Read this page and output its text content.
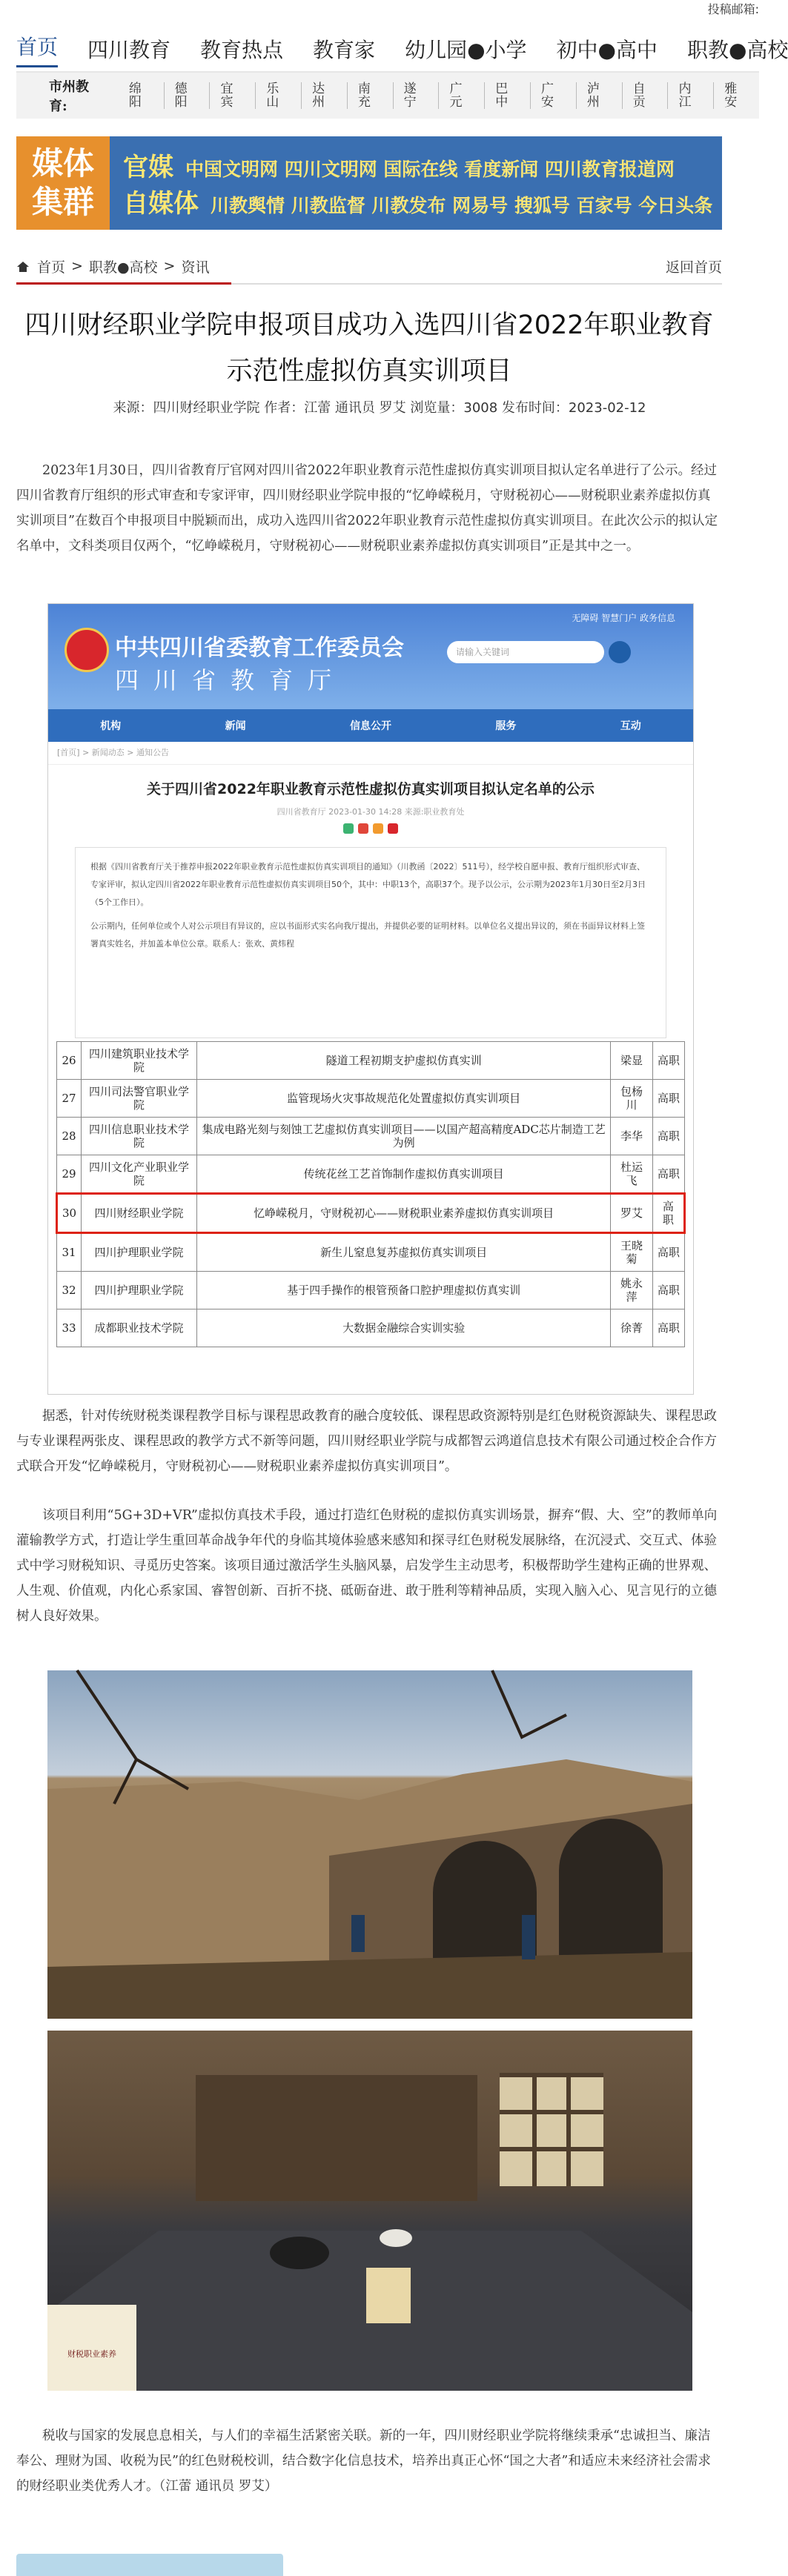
投稿邮箱:
首页 四川教育 教育热点 教育家 幼儿园●小学 初中●高中 职教●高校
市州教育:
绵阳
德阳
宜宾
乐山
达州
南充
遂宁
广元
巴中
广安
泸州
自贡
内江
雅安
媒体
集群
官媒 中国文明网 四川文明网 国际在线 看度新闻 四川教育报道网
自媒体 川教舆情 川教监督 川教发布 网易号 搜狐号 百家号 今日头条
首页 > 职教●高校 > 资讯	返回首页
四川财经职业学院申报项目成功入选四川省2022年职业教育示范性虚拟仿真实训项目
来源：四川财经职业学院 作者：江蕾 通讯员 罗艾 浏览量：3008 发布时间：2023-02-12

2023年1月30日，四川省教育厅官网对四川省2022年职业教育示范性虚拟仿真实训项目拟认定名单进行了公示。经过四川省教育厅组织的形式审查和专家评审，四川财经职业学院申报的“忆峥嵘税月，守财税初心——财税职业素养虚拟仿真实训项目”在数百个申报项目中脱颖而出，成功入选四川省2022年职业教育示范性虚拟仿真实训项目。在此次公示的拟认定名单中，文科类项目仅两个，“忆峥嵘税月，守财税初心——财税职业素养虚拟仿真实训项目”正是其中之一。

中共四川省委教育工作委员会
四川省教育厅
无障碍 智慧门户 政务信息
请输入关键词
机构	新闻	信息公开	服务	互动
[首页] > 新闻动态 > 通知公告
关于四川省2022年职业教育示范性虚拟仿真实训项目拟认定名单的公示
四川省教育厅 2023-01-30 14:28 来源:职业教育处

根据《四川省教育厅关于推荐申报2022年职业教育示范性虚拟仿真实训项目的通知》（川教函〔2022〕511号），经学校自愿申报、教育厅组织形式审查、专家评审，拟认定四川省2022年职业教育示范性虚拟仿真实训项目50个，其中：中职13个，高职37个。现予以公示，公示期为2023年1月30日至2月3日（5个工作日）。

公示期内，任何单位或个人对公示项目有异议的，应以书面形式实名向我厅提出，并提供必要的证明材料。以单位名义提出异议的，须在书面异议材料上签署真实姓名，并加盖本单位公章。联系人：张欢、黄炜程

26	四川建筑职业技术学院	隧道工程初期支护虚拟仿真实训	梁显	高职
27	四川司法警官职业学院	监管现场火灾事故规范化处置虚拟仿真实训项目	包杨川	高职
28	四川信息职业技术学院	集成电路光刻与刻蚀工艺虚拟仿真实训项目——以国产超高精度ADC芯片制造工艺为例	李华	高职
29	四川文化产业职业学院	传统花丝工艺首饰制作虚拟仿真实训项目	杜运飞	高职
30	四川财经职业学院	忆峥嵘税月，守财税初心——财税职业素养虚拟仿真实训项目	罗艾	高职
31	四川护理职业学院	新生儿窒息复苏虚拟仿真实训项目	王晓菊	高职
32	四川护理职业学院	基于四手操作的根管预备口腔护理虚拟仿真实训	姚永萍	高职
33	成都职业技术学院	大数据金融综合实训实验	徐菁	高职

据悉，针对传统财税类课程教学目标与课程思政教育的融合度较低、课程思政资源特别是红色财税资源缺失、课程思政与专业课程两张皮、课程思政的教学方式不新等问题，四川财经职业学院与成都智云鸿道信息技术有限公司通过校企合作方式联合开发“忆峥嵘税月，守财税初心——财税职业素养虚拟仿真实训项目”。

该项目利用“5G+3D+VR”虚拟仿真技术手段，通过打造红色财税的虚拟仿真实训场景，摒弃“假、大、空”的教师单向灌输教学方式，打造让学生重回革命战争年代的身临其境体验感来感知和探寻红色财税发展脉络，在沉浸式、交互式、体验式中学习财税知识、寻觅历史答案。该项目通过激活学生头脑风暴，启发学生主动思考，积极帮助学生建构正确的世界观、人生观、价值观，内化心系家国、睿智创新、百折不挠、砥砺奋进、敢于胜利等精神品质，实现入脑入心、见言见行的立德树人良好效果。

财税职业素养

税收与国家的发展息息相关，与人们的幸福生活紧密关联。新的一年，四川财经职业学院将继续秉承“忠诚担当、廉洁奉公、理财为国、收税为民”的红色财税校训，结合数字化信息技术，培养出真正心怀“国之大者”和适应未来经济社会需求的财经职业类优秀人才。（江蕾 通讯员 罗艾）
